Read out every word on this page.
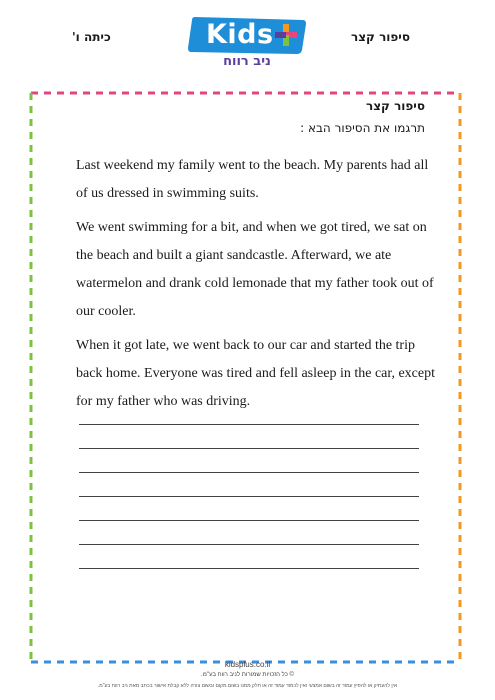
כיתה ו'	סיפור קצר
Kids
ניב רווח
סיפור קצר
תרגמו את הסיפור הבא :

Last weekend my family went to the beach. My parents had all of us dressed in swimming suits.

We went swimming for a bit, and when we got tired, we sat on the beach and built a giant sandcastle. Afterward, we ate watermelon and drank cold lemonade that my father took out of our cooler.

When it got late, we went back to our car and started the trip back home. Everyone was tired and fell asleep in the car, except for my father who was driving.

kidsplus.co.il
© כל הזכויות שמורות לניב רווח בע"מ.
אין להעתיק או להפיץ עמוד זה בשום אמצעי ואין לכמוד עמוד זה או חלק ממנו בשום מקום ובשום צורה ללא קבלת אישור בכתב מאת ניב רווח בע"מ.
